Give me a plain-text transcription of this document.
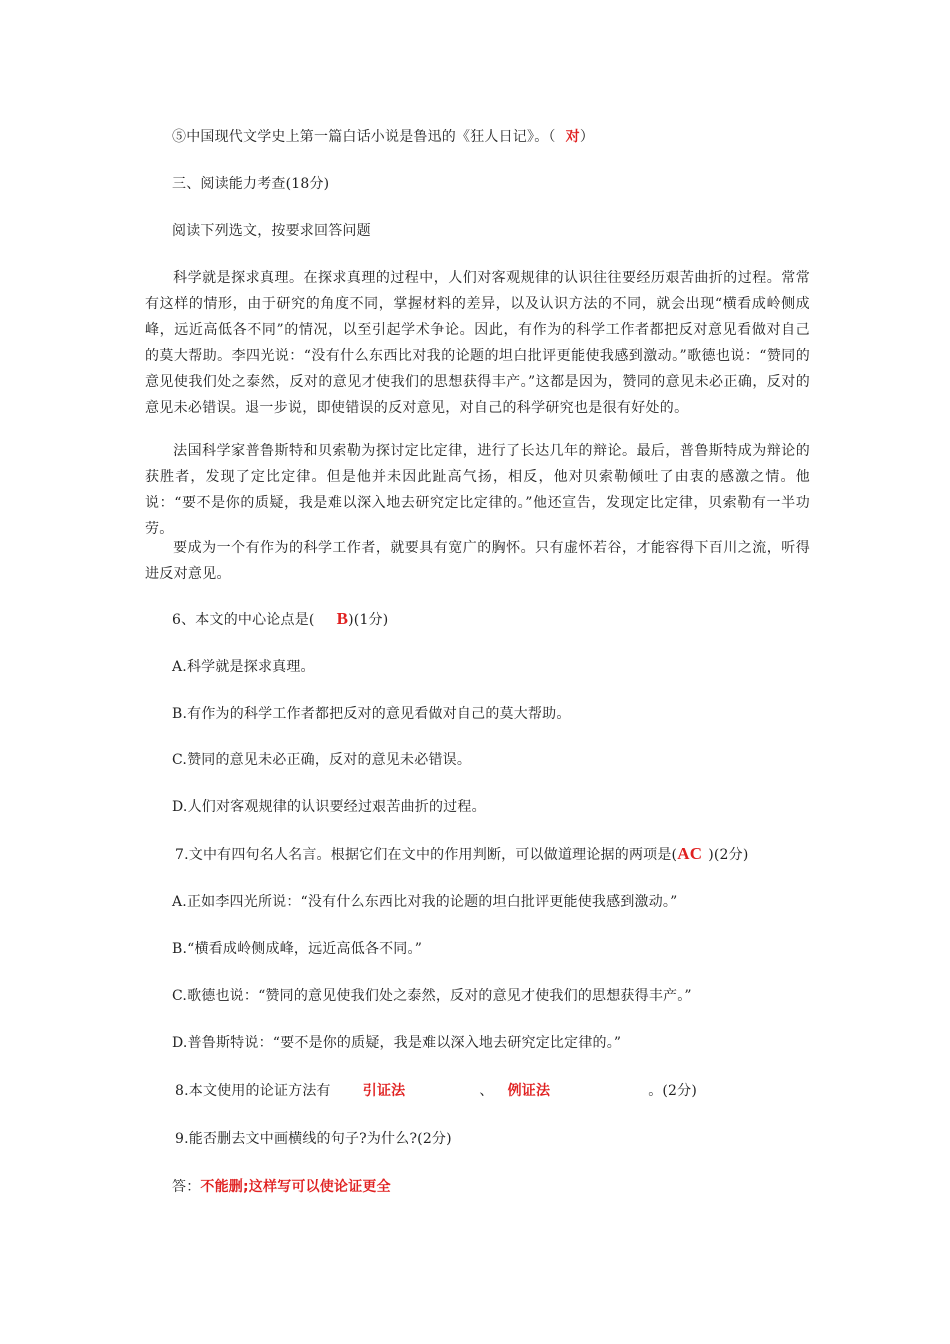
⑤中国现代文学史上第一篇白话小说是鲁迅的《狂人日记》。（ 对）
三、阅读能力考查(18分)
阅读下列选文，按要求回答问题
科学就是探求真理。在探求真理的过程中，人们对客观规律的认识往往要经历艰苦曲折的过程。常常有这样的情形，由于研究的角度不同，掌握材料的差异，以及认识方法的不同，就会出现“横看成岭侧成峰，远近高低各不同”的情况，以至引起学术争论。因此，有作为的科学工作者都把反对意见看做对自己的莫大帮助。李四光说：“没有什么东西比对我的论题的坦白批评更能使我感到激动。”歌德也说：“赞同的意见使我们处之泰然，反对的意见才使我们的思想获得丰产。”这都是因为，赞同的意见未必正确，反对的意见未必错误。退一步说，即使错误的反对意见，对自己的科学研究也是很有好处的。
法国科学家普鲁斯特和贝索勒为探讨定比定律，进行了长达几年的辩论。最后，普鲁斯特成为辩论的获胜者，发现了定比定律。但是他并未因此趾高气扬，相反，他对贝索勒倾吐了由衷的感激之情。他说：“要不是你的质疑，我是难以深入地去研究定比定律的。”他还宣告，发现定比定律，贝索勒有一半功劳。
要成为一个有作为的科学工作者，就要具有宽广的胸怀。只有虚怀若谷，才能容得下百川之流，听得进反对意见。
6、本文的中心论点是( B)(1分)
A.科学就是探求真理。
B.有作为的科学工作者都把反对的意见看做对自己的莫大帮助。
C.赞同的意见未必正确，反对的意见未必错误。
D.人们对客观规律的认识要经过艰苦曲折的过程。
7.文中有四句名人名言。根据它们在文中的作用判断，可以做道理论据的两项是(AC )(2分)
A.正如李四光所说：“没有什么东西比对我的论题的坦白批评更能使我感到激动。”
B.“横看成岭侧成峰，远近高低各不同。”
C.歌德也说：“赞同的意见使我们处之泰然，反对的意见才使我们的思想获得丰产。”
D.普鲁斯特说：“要不是你的质疑，我是难以深入地去研究定比定律的。”
8.本文使用的论证方法有 引证法	、 例证法	。(2分)
9.能否删去文中画横线的句子?为什么?(2分)
答：不能删;这样写可以使论证更全
